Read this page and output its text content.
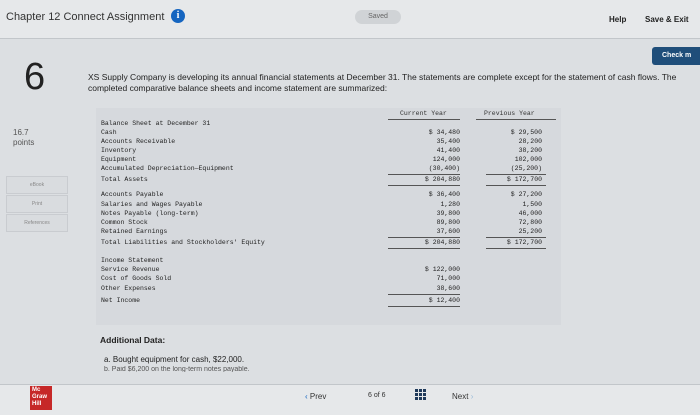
Chapter 12 Connect Assignment	i	Saved	Help Save & Exit
Check m
6	XS Supply Company is developing its annual financial statements at December 31. The statements are complete except for the statement of cash flows. The completed comparative balance sheets and income statement are summarized:
16.7
points
eBook
Print
References
Current Year	Previous Year
Balance Sheet at December 31
Cash	$ 34,480	$ 29,500
Accounts Receivable	35,400	28,200
Inventory	41,400	38,200
Equipment	124,000	102,000
Accumulated Depreciation—Equipment	(30,400)	(25,200)
Total Assets	$ 204,880	$ 172,700
Accounts Payable	$ 36,400	$ 27,200
Salaries and Wages Payable	1,280	1,500
Notes Payable (long-term)	39,800	46,000
Common Stock	89,800	72,800
Retained Earnings	37,600	25,200
Total Liabilities and Stockholders' Equity	$ 204,880	$ 172,700
Income Statement
Service Revenue	$ 122,000
Cost of Goods Sold	71,000
Other Expenses	38,600
Net Income	$ 12,400
Additional Data:
a. Bought equipment for cash, $22,000.
b. Paid $6,200 on the long-term notes payable.
Mc Graw Hill
‹ Prev	6 of 6	Next ›
